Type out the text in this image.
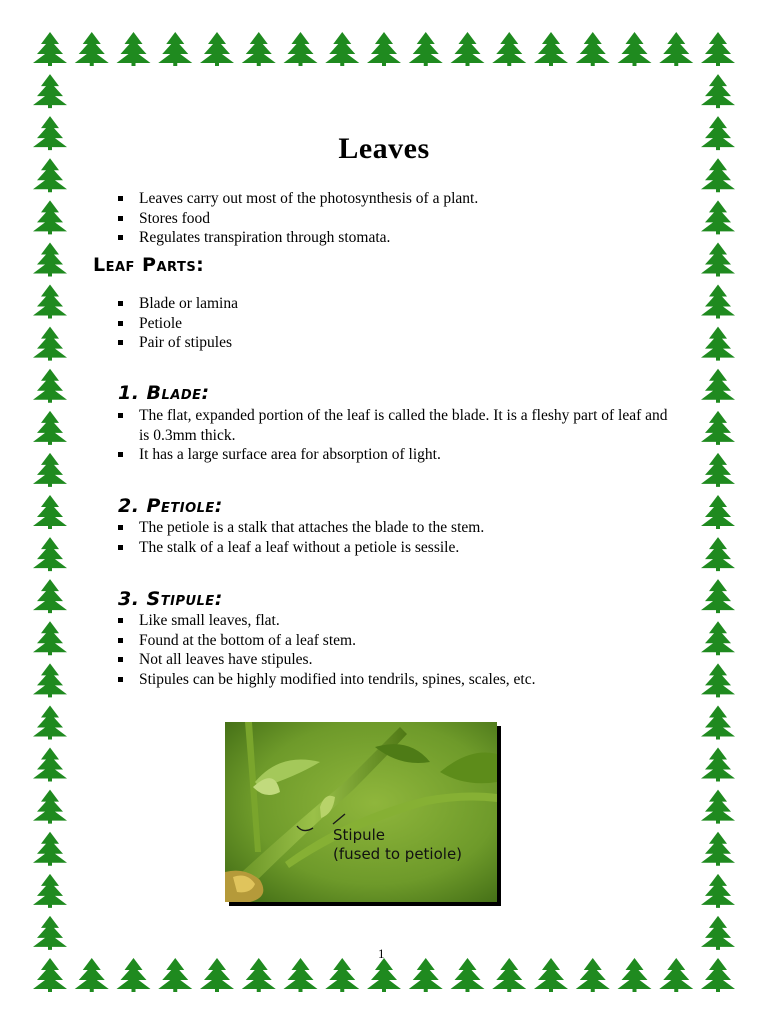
Leaves
Leaves carry out most of the photosynthesis of a plant.
Stores food
Regulates transpiration through stomata.
Leaf Parts:
Blade or lamina
Petiole
Pair of stipules
1. Blade:
The flat, expanded portion of the leaf is called the blade. It is a fleshy part of leaf and is 0.3mm thick.
It has a large surface area for absorption of light.
2. Petiole:
The petiole is a stalk that attaches the blade to the stem.
The stalk of a leaf a leaf without a petiole is sessile.
3. Stipule:
Like small leaves, flat.
Found at the bottom of a leaf stem.
Not all leaves have stipules.
Stipules can be highly modified into tendrils, spines, scales, etc.
Stipule
(fused to petiole)
1
